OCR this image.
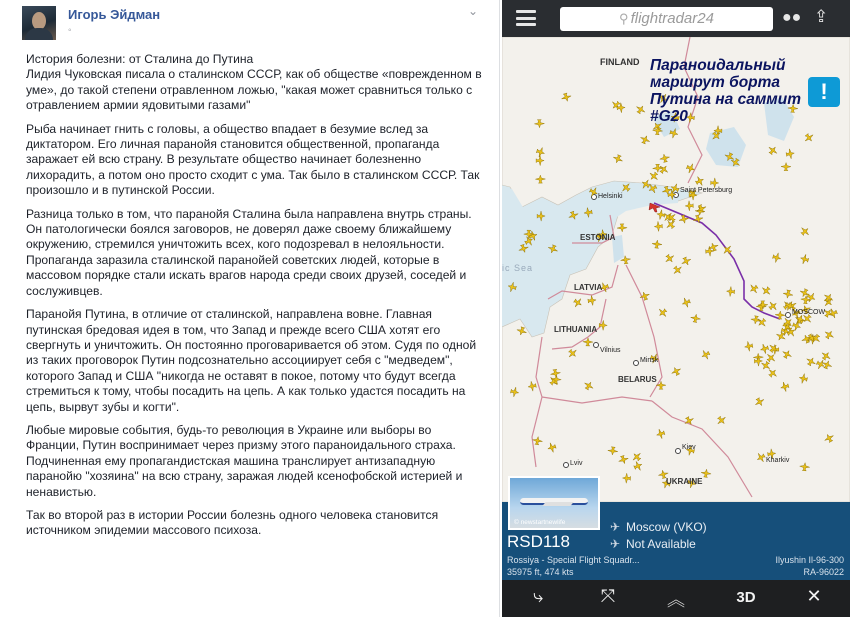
Игорь Эйдман
◦
⌄

История болезни: от Сталина до Путина
Лидия Чуковская писала о сталинском СССР, как об обществе «поврежденном в уме», до такой степени отравленном ложью, "какая может сравниться только с отравлением армии ядовитыми газами"

Рыба начинает гнить с головы, а общество впадает в безумие вслед за диктатором. Его личная паранойя становится общественной, пропаганда заражает ей всю страну. В результате общество начинает болезненно лихорадить, а потом оно просто сходит с ума. Так было в сталинском СССР. Так произошло и в путинской России.

Разница только в том, что паранойя Сталина была направлена внутрь страны. Он патологически боялся заговоров, не доверял даже своему ближайшему окружению, стремился уничтожить всех, кого подозревал в нелояльности. Пропаганда заразила сталинской паранойей советских людей, которые в массовом порядке стали искать врагов народа среди своих друзей, соседей и сослуживцев.

Паранойя Путина, в отличие от сталинской, направлена вовне. Главная путинская бредовая идея в том, что Запад и прежде всего США хотят его свергнуть и уничтожить. Он постоянно проговаривается об этом. Судя по одной из таких проговорок Путин подсознательно ассоциирует себя с "медведем", которого Запад и США "никогда не оставят в покое, потому что будут всегда стремиться к тому, чтобы посадить на цепь. А как только удастся посадить на цепь, вырвут зубы и когти".

Любые мировые события, будь-то революция в Украине или выборы во Франции, Путин воспринимает через призму этого параноидального страха. Подчиненная ему пропагандистская машина транслирует антизападную паранойю "хозяина" на всю страну, заражая людей ксенофобской истерией и ненавистью.

Так во второй раз в истории России болезнь одного человека становится источником эпидемии массового психоза.

⚲ flightradar24	●● ⇪
FINLAND
Helsinki
Saint Petersburg
ESTONIA
LATVIA
LITHUANIA
Vilnius
Minsk
BELARUS
MOSCOW
Kiev
Lviv	Kharkiv
UKRAINE
ic Sea
!
Параноидальный маршрут борта Путина на саммит #G20
© newstartnewlife
RSD118
✈ Moscow (VKO)
✈ Not Available
Rossiya - Special Flight Squadr...
35975 ft, 474 kts
Ilyushin Il-96-300
RA-96022
⤷	⤧	︽	3D	✕
